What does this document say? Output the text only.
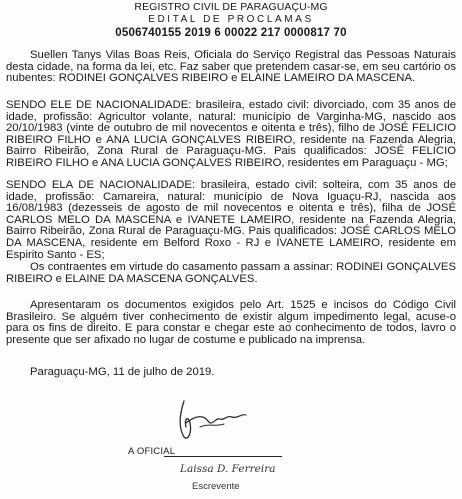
REGISTRO CIVIL DE PARAGUAÇU-MG
EDITAL DE PROCLAMAS
0506740155 2019 6 00022 217 0000817 70

Suellen Tanys Vilas Boas Reis, Oficiala do Serviço Registral das Pessoas Naturais desta cidade, na forma da lei, etc. Faz saber que pretendem casar-se, em seu cartório os nubentes: RODINEI GONÇALVES RIBEIRO e ELAINE LAMEIRO DA MASCENA.

SENDO ELE DE NACIONALIDADE: brasileira, estado civil: divorciado, com 35 anos de idade, profissão: Agricultor volante, natural: município de Varginha-MG, nascido aos 20/10/1983 (vinte de outubro de mil novecentos e oitenta e três), filho de JOSÉ FELICIO RIBEIRO FILHO e ANA LUCIA GONÇALVES RIBEIRO, residente na Fazenda Alegria, Bairro Ribeirão, Zona Rural de Paraguaçu-MG. Pais qualificados: JOSÉ FELICIO RIBEIRO FILHO e ANA LUCIA GONÇALVES RIBEIRO, residentes em Paraguaçu - MG;

SENDO ELA DE NACIONALIDADE: brasileira, estado civil: solteira, com 35 anos de idade, profissão: Camareira, natural: município de Nova Iguaçu-RJ, nascida aos 16/08/1983 (dezesseis de agosto de mil novecentos e oitenta e três), filha de JOSÉ CARLOS MELO DA MASCENA e IVANETE LAMEIRO, residente na Fazenda Alegria, Bairro Ribeirão, Zona Rural de Paraguaçu-MG. Pais qualificados: JOSÉ CARLOS MELO DA MASCENA, residente em Belford Roxo - RJ e IVANETE LAMEIRO, residente em Espirito Santo - ES;

Os contraentes em virtude do casamento passam a assinar: RODINEI GONÇALVES RIBEIRO e ELAINE DA MASCENA GONÇALVES.

Apresentaram os documentos exigidos pelo Art. 1525 e incisos do Código Civil Brasileiro. Se alguém tiver conhecimento de existir algum impedimento legal, acuse-o para os fins de direito. E para constar e chegar este ao conhecimento de todos, lavro o presente que ser afixado no lugar de costume e publicado na imprensa.

Paraguaçu-MG, 11 de julho de 2019.

A OFICIAL
Laissa D. Ferreira
Escrevente
